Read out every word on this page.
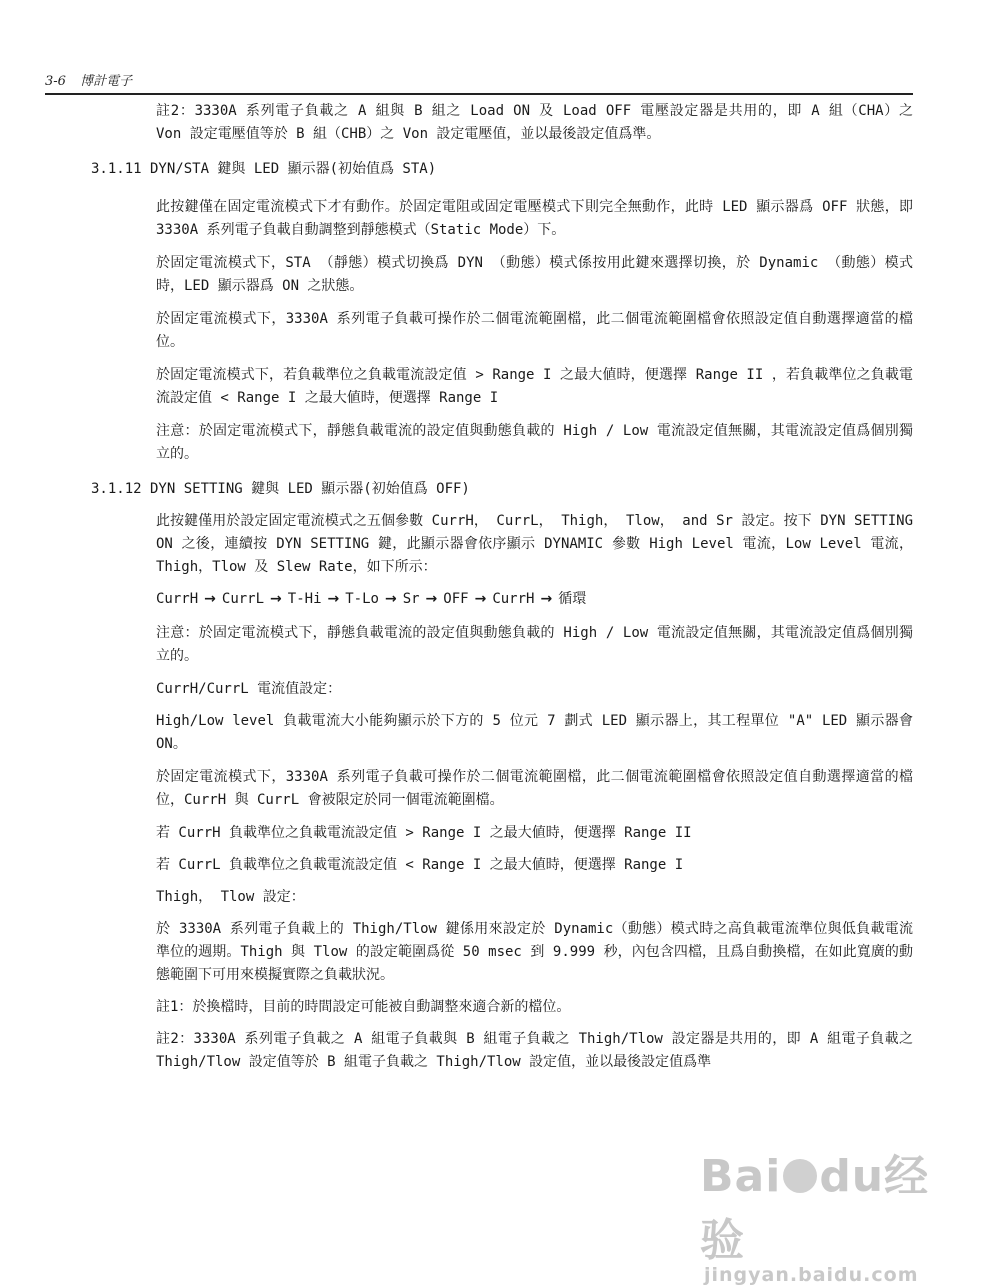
3-6 博計電子

註2：3330A 系列電子負載之 A 組與 B 組之 Load ON 及 Load OFF 電壓設定器是共用的，即 A 組（CHA）之 Von 設定電壓值等於 B 組（CHB）之 Von 設定電壓值，並以最後設定值爲準。

3.1.11 DYN/STA 鍵與 LED 顯示器(初始值爲 STA)

此按鍵僅在固定電流模式下才有動作。於固定電阻或固定電壓模式下則完全無動作，此時 LED 顯示器爲 OFF 狀態，即 3330A 系列電子負載自動調整到靜態模式（Static Mode）下。

於固定電流模式下，STA （靜態）模式切換爲 DYN （動態）模式係按用此鍵來選擇切換，於 Dynamic （動態）模式時，LED 顯示器爲 ON 之狀態。

於固定電流模式下，3330A 系列電子負載可操作於二個電流範圍檔，此二個電流範圍檔會依照設定值自動選擇適當的檔位。

於固定電流模式下，若負載準位之負載電流設定值 > Range I 之最大値時，便選擇 Range II ，若負載準位之負載電流設定值 < Range I 之最大値時，便選擇 Range I

注意：於固定電流模式下，靜態負載電流的設定值與動態負載的 High / Low 電流設定值無關，其電流設定值爲個別獨立的。

3.1.12 DYN SETTING 鍵與 LED 顯示器(初始值爲 OFF)

此按鍵僅用於設定固定電流模式之五個參數 CurrH， CurrL， Thigh， Tlow， and Sr 設定。按下 DYN SETTING ON 之後，連續按 DYN SETTING 鍵，此顯示器會依序顯示 DYNAMIC 參數 High Level 電流，Low Level 電流，Thigh，Tlow 及 Slew Rate，如下所示：

CurrH → CurrL → T-Hi → T-Lo → Sr → OFF → CurrH → 循環

注意：於固定電流模式下，靜態負載電流的設定值與動態負載的 High / Low 電流設定值無關，其電流設定值爲個別獨立的。

CurrH/CurrL 電流值設定：

High/Low level 負載電流大小能夠顯示於下方的 5 位元 7 劃式 LED 顯示器上，其工程單位 "A" LED 顯示器會 ON。

於固定電流模式下，3330A 系列電子負載可操作於二個電流範圍檔，此二個電流範圍檔會依照設定值自動選擇適當的檔位，CurrH 與 CurrL 會被限定於同一個電流範圍檔。

若 CurrH 負載準位之負載電流設定值 > Range I 之最大値時，便選擇 Range II

若 CurrL 負載準位之負載電流設定值 < Range I 之最大値時，便選擇 Range I

Thigh， Tlow 設定：

於 3330A 系列電子負載上的 Thigh/Tlow 鍵係用來設定於 Dynamic（動態）模式時之高負載電流準位與低負載電流準位的週期。Thigh 與 Tlow 的設定範圍爲從 50 msec 到 9.999 秒，內包含四檔，且爲自動換檔，在如此寬廣的動態範圍下可用來模擬實際之負載狀況。

註1：於換檔時，目前的時間設定可能被自動調整來適合新的檔位。

註2：3330A 系列電子負載之 A 組電子負載與 B 組電子負載之 Thigh/Tlow 設定器是共用的，即 A 組電子負載之 Thigh/Tlow 設定值等於 B 組電子負載之 Thigh/Tlow 設定值，並以最後設定值爲準

Bai du经验
jingyan.baidu.com
